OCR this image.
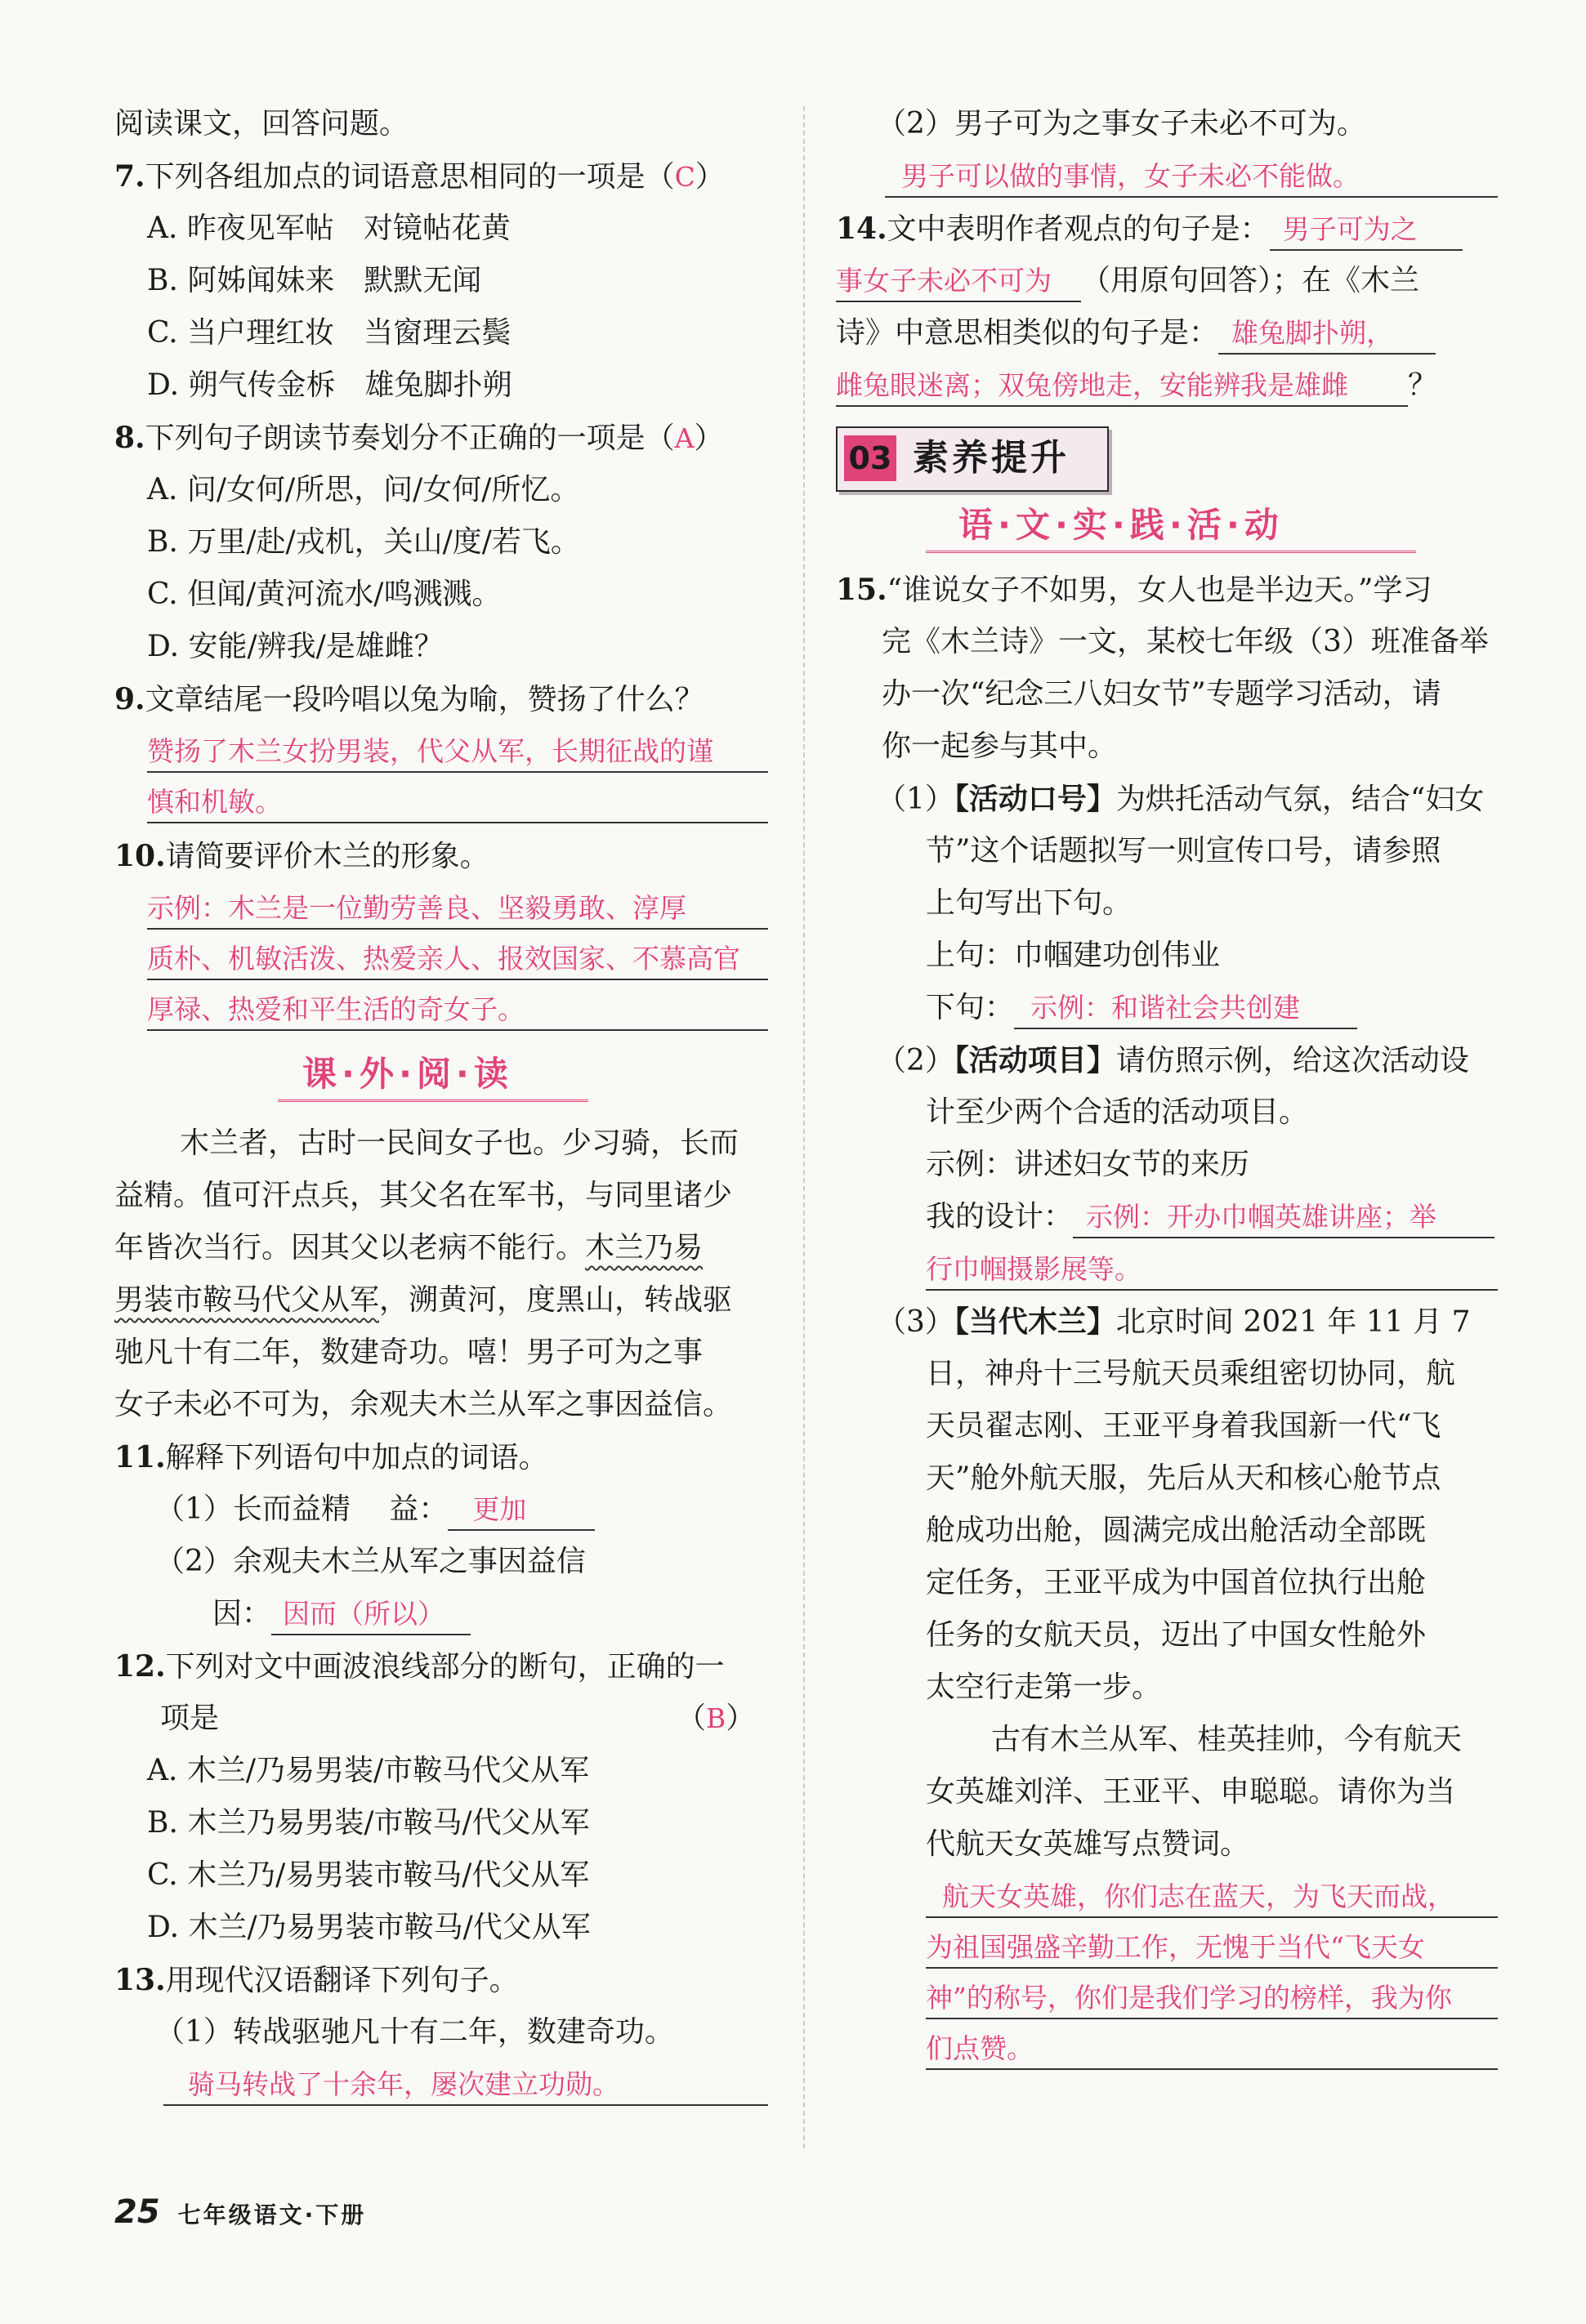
阅读课文，回答问题。
7.下列各组加点的词语意思相同的一项是（C）
A. 昨夜见军帖　对镜帖花黄
B. 阿姊闻妹来　默默无闻
C. 当户理红妆　当窗理云鬓
D. 朔气传金柝　雄兔脚扑朔
8.下列句子朗读节奏划分不正确的一项是（A）
A. 问/女何/所思，问/女何/所忆。
B. 万里/赴/戎机，关山/度/若飞。
C. 但闻/黄河流水/鸣溅溅。
D. 安能/辨我/是雄雌？
9.文章结尾一段吟唱以兔为喻，赞扬了什么？
赞扬了木兰女扮男装，代父从军，长期征战的谨
慎和机敏。
10.请简要评价木兰的形象。
示例：木兰是一位勤劳善良、坚毅勇敢、淳厚
质朴、机敏活泼、热爱亲人、报效国家、不慕高官
厚禄、热爱和平生活的奇女子。
课·外·阅·读
木兰者，古时一民间女子也。少习骑，长而
益精。值可汗点兵，其父名在军书，与同里诸少
年皆次当行。因其父以老病不能行。木兰乃易
男装市鞍马代父从军，溯黄河，度黑山，转战驱
驰凡十有二年，数建奇功。嘻！男子可为之事
女子未必不可为，余观夫木兰从军之事因益信。
11.解释下列语句中加点的词语。
（1）长而益精　 益： 更加
（2）余观夫木兰从军之事因益信
因： 因而（所以）
12.下列对文中画波浪线部分的断句，正确的一
项是	（B）
A. 木兰/乃易男装/市鞍马代父从军
B. 木兰乃易男装/市鞍马/代父从军
C. 木兰乃/易男装市鞍马/代父从军
D. 木兰/乃易男装市鞍马/代父从军
13.用现代汉语翻译下列句子。
（1）转战驱驰凡十有二年，数建奇功。
骑马转战了十余年，屡次建立功勋。
（2）男子可为之事女子未必不可为。
男子可以做的事情，女子未必不能做。
14.文中表明作者观点的句子是： 男子可为之
事女子未必不可为 （用原句回答）；在《木兰
诗》中意思相类似的句子是： 雄兔脚扑朔，
雌兔眼迷离；双兔傍地走，安能辨我是雄雌 ？
03 素养提升
语·文·实·践·活·动
15.“谁说女子不如男，女人也是半边天。”学习
完《木兰诗》一文，某校七年级（3）班准备举
办一次“纪念三八妇女节”专题学习活动，请
你一起参与其中。
（1）【活动口号】为烘托活动气氛，结合“妇女
节”这个话题拟写一则宣传口号，请参照
上句写出下句。
上句：巾帼建功创伟业
下句： 示例：和谐社会共创建
（2）【活动项目】请仿照示例，给这次活动设
计至少两个合适的活动项目。
示例：讲述妇女节的来历
我的设计： 示例：开办巾帼英雄讲座；举
行巾帼摄影展等。
（3）【当代木兰】北京时间 2021 年 11 月 7
日，神舟十三号航天员乘组密切协同，航
天员翟志刚、王亚平身着我国新一代“飞
天”舱外航天服，先后从天和核心舱节点
舱成功出舱，圆满完成出舱活动全部既
定任务，王亚平成为中国首位执行出舱
任务的女航天员，迈出了中国女性舱外
太空行走第一步。
古有木兰从军、桂英挂帅，今有航天
女英雄刘洋、王亚平、申聪聪。请你为当
代航天女英雄写点赞词。
航天女英雄，你们志在蓝天，为飞天而战，
为祖国强盛辛勤工作，无愧于当代“飞天女
神”的称号，你们是我们学习的榜样，我为你
们点赞。
25 七年级语文·下册
